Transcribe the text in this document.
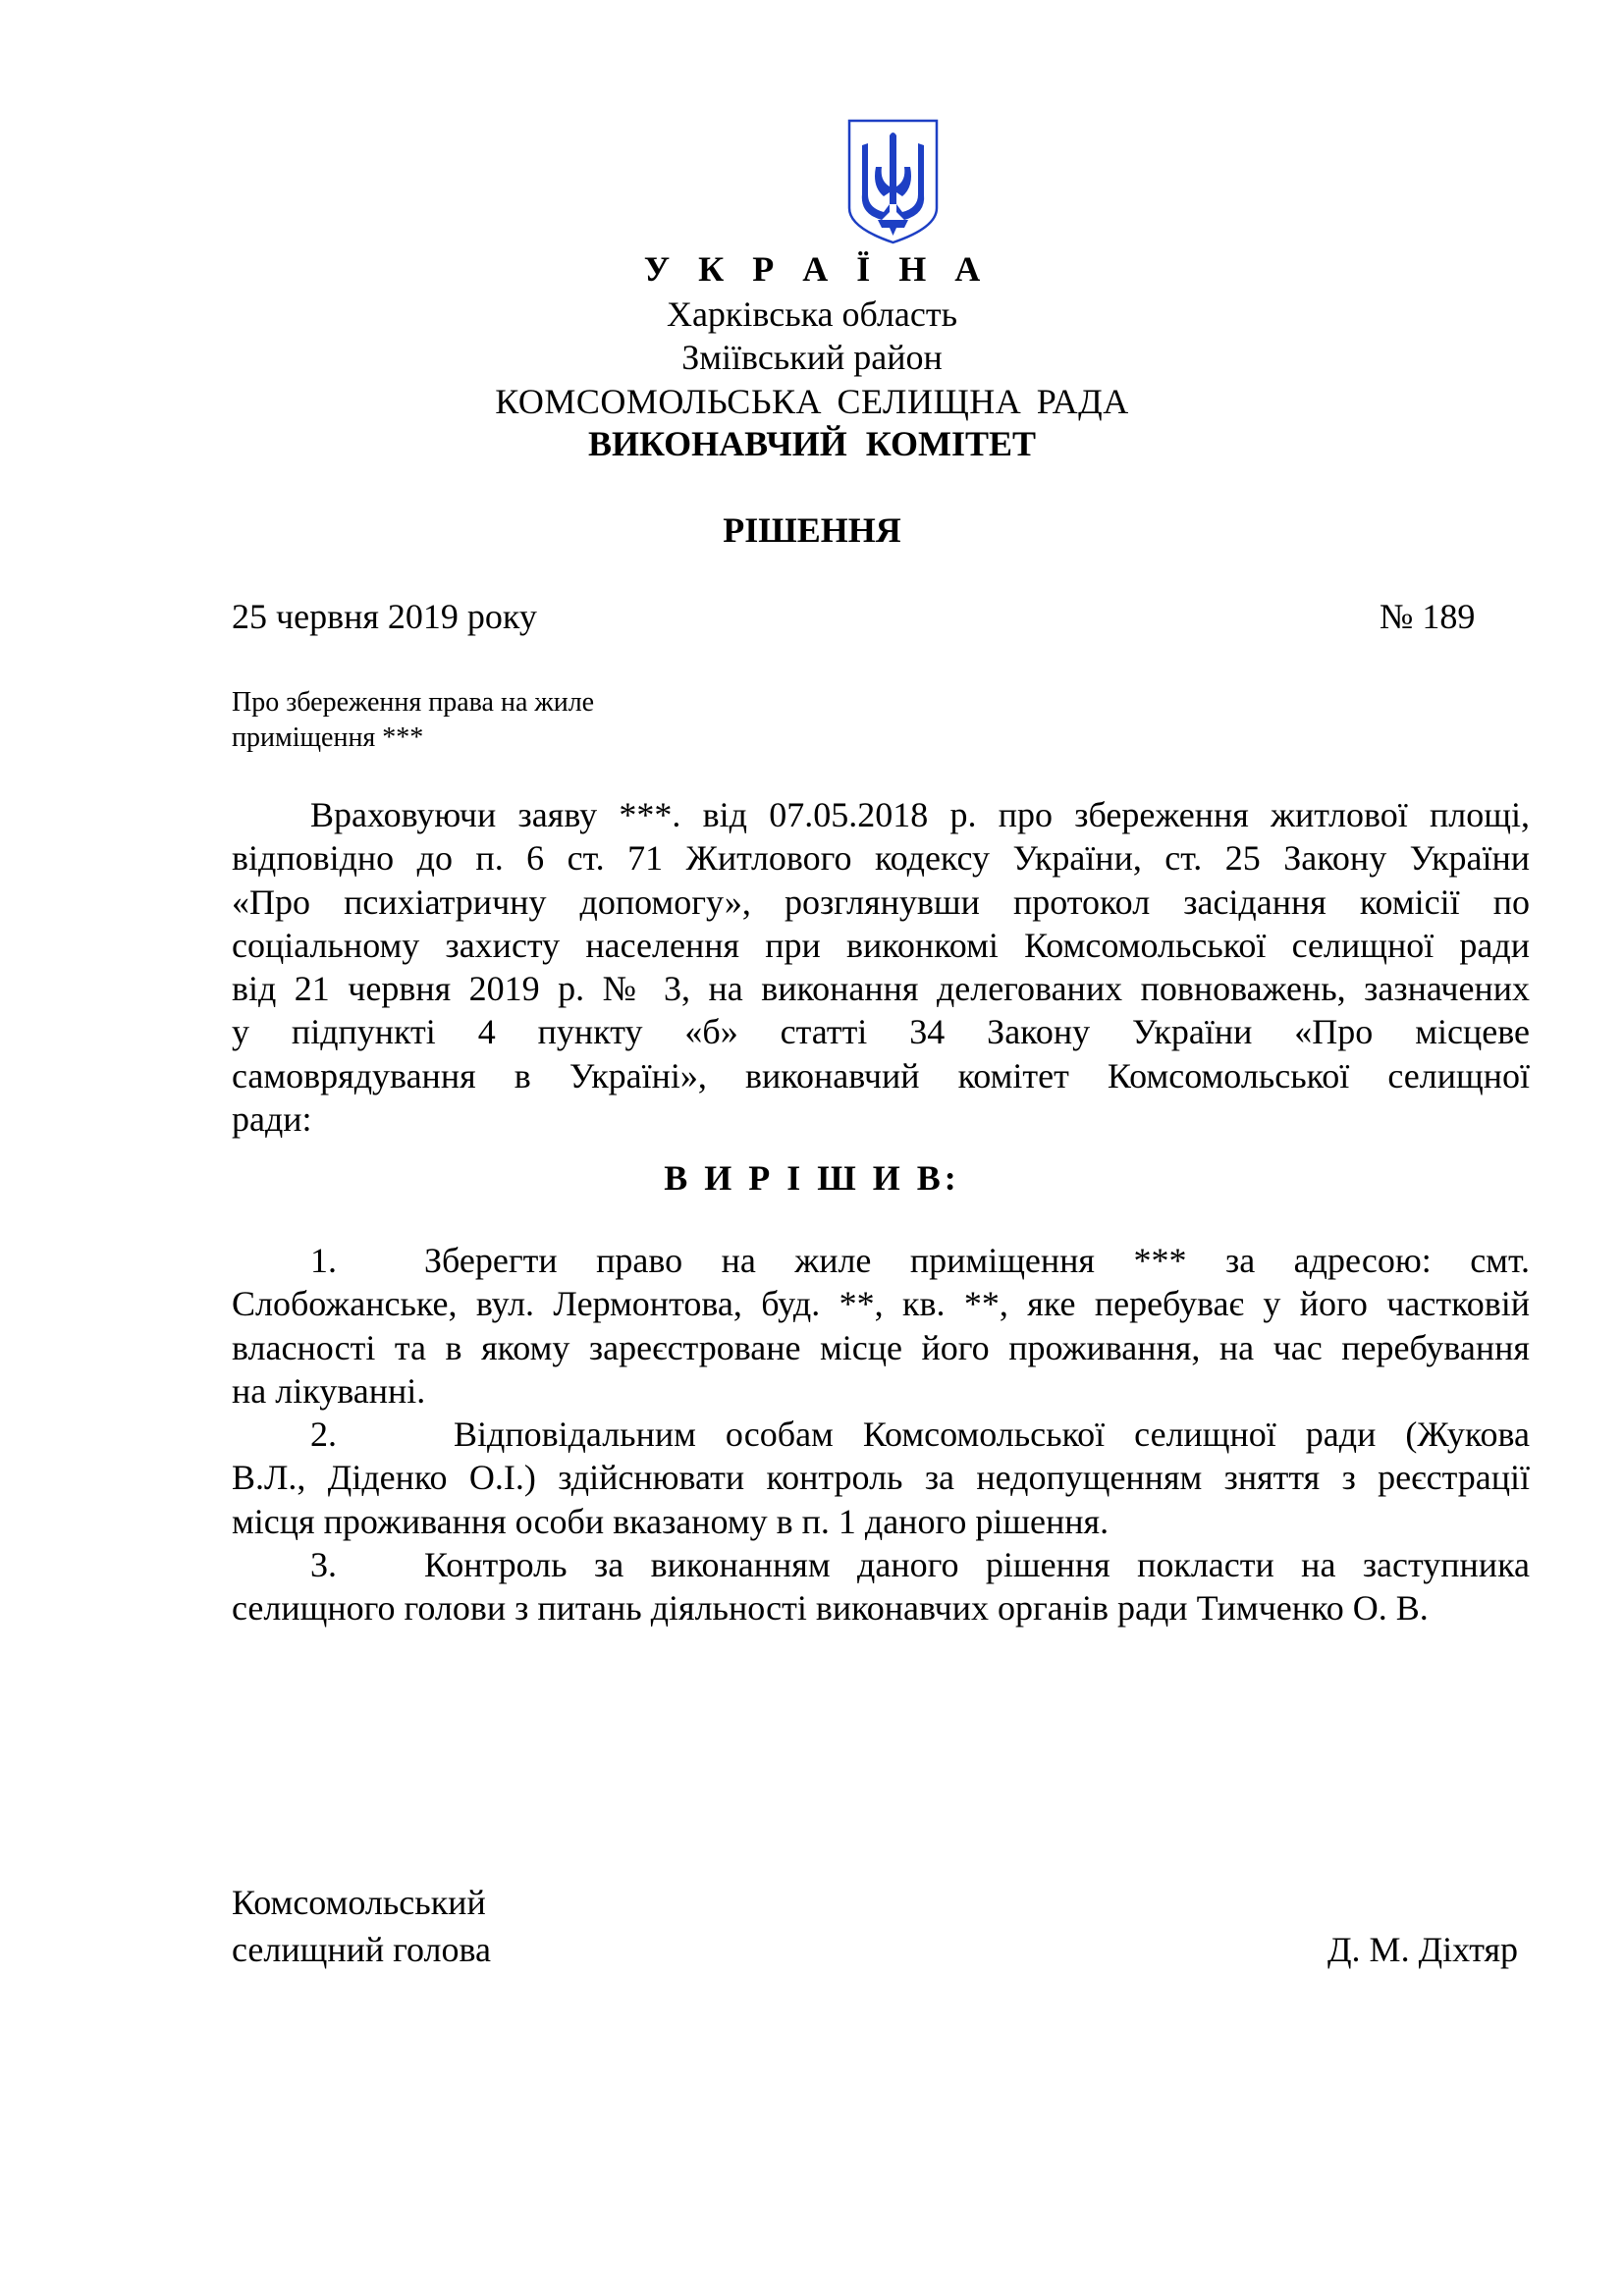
У К Р А Ї Н А
Харківська область
Зміївський район
КОМСОМОЛЬСЬКА СЕЛИЩНА РАДА
ВИКОНАВЧИЙ КОМІТЕТ
РІШЕННЯ
25 червня 2019 року	№ 189
Про збереження права на жиле
приміщення ***
Враховуючи заяву ***. від 07.05.2018 р. про збереження житлової площі,
відповідно до п. 6 ст. 71 Житлового кодексу України, ст. 25 Закону України
«Про психіатричну допомогу», розглянувши протокол засідання комісії по
соціальному захисту населення при виконкомі Комсомольської селищної ради
від 21 червня 2019 р. № 3, на виконання делегованих повноважень, зазначених
у підпункті 4 пункту «б» статті 34 Закону України «Про місцеве
самоврядування в Україні», виконавчий комітет Комсомольської селищної
ради:
В И Р І Ш И В:
1. Зберегти право на жиле приміщення *** за адресою: смт.
Слобожанське, вул. Лермонтова, буд. **, кв. **, яке перебуває у його частковій
власності та в якому зареєстроване місце його проживання, на час перебування
на лікуванні.
2. Відповідальним особам Комсомольської селищної ради (Жукова
В.Л., Діденко О.І.) здійснювати контроль за недопущенням зняття з реєстрації
місця проживання особи вказаному в п. 1 даного рішення.
3. Контроль за виконанням даного рішення покласти на заступника
селищного голови з питань діяльності виконавчих органів ради Тимченко О. В.
Комсомольський
селищний голова	Д. М. Діхтяр
